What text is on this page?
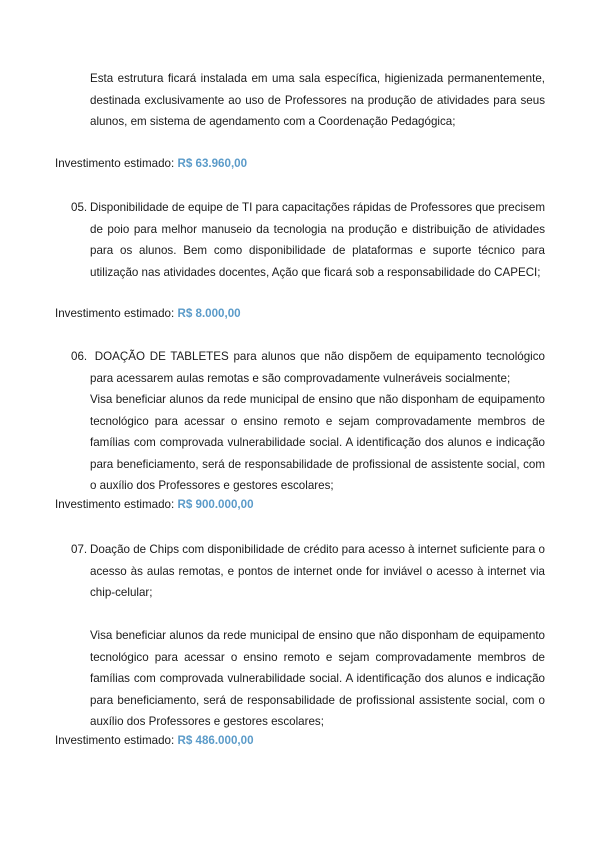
Esta estrutura ficará instalada em uma sala específica, higienizada permanentemente, destinada exclusivamente ao uso de Professores na produção de atividades para seus alunos, em sistema de agendamento com a Coordenação Pedagógica;
Investimento estimado: R$ 63.960,00
05. Disponibilidade de equipe de TI para capacitações rápidas de Professores que precisem de poio para melhor manuseio da tecnologia na produção e distribuição de atividades para os alunos. Bem como disponibilidade de plataformas e suporte técnico para utilização nas atividades docentes, Ação que ficará sob a responsabilidade do CAPECI;
Investimento estimado: R$ 8.000,00
06. DOAÇÃO DE TABLETES para alunos que não dispõem de equipamento tecnológico para acessarem aulas remotas e são comprovadamente vulneráveis socialmente;
Visa beneficiar alunos da rede municipal de ensino que não disponham de equipamento tecnológico para acessar o ensino remoto e sejam comprovadamente membros de famílias com comprovada vulnerabilidade social. A identificação dos alunos e indicação para beneficiamento, será de responsabilidade de profissional de assistente social, com o auxílio dos Professores e gestores escolares;
Investimento estimado: R$ 900.000,00
07. Doação de Chips com disponibilidade de crédito para acesso à internet suficiente para o acesso às aulas remotas, e pontos de internet onde for inviável o acesso à internet via chip-celular;
Visa beneficiar alunos da rede municipal de ensino que não disponham de equipamento tecnológico para acessar o ensino remoto e sejam comprovadamente membros de famílias com comprovada vulnerabilidade social. A identificação dos alunos e indicação para beneficiamento, será de responsabilidade de profissional assistente social, com o auxílio dos Professores e gestores escolares;
Investimento estimado: R$ 486.000,00
